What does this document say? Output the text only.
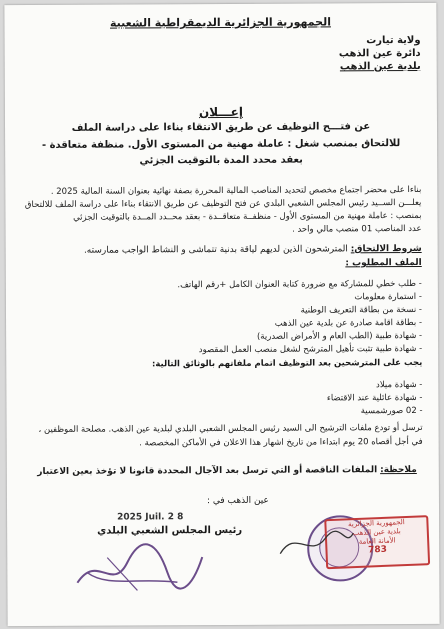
الجمهورية الجزائرية الديمقراطية الشعبية
ولاية تيارت
دائرة عين الذهب
بلدية عين الذهب
إعـــلان
عن فتـــح التوظيف عن طريق الانتقاء بناءا على دراسة الملف
للالتحاق بمنصب شغل : عاملة مهنية من المستوى الأول. منظفة متعاقدة -
بعقد محدد المدة بالتوقيت الجزئي
بناءا على محضر اجتماع مخصص لتحديد المناصب المالية المحررة بصفة نهائية بعنوان السنة المالية 2025 .
يعلـــن الســيد رئيس المجلس الشعبي البلدي عن فتح التوظيف عن طريق الانتقاء بناءا على دراسة الملف للالتحاق
بمنصب : عاملة مهنية من المستوى الأول - منظفــة متعاقــدة - بعقد محــدد المــدة بالتوقيت الجزئي
عدد المناصب 01 منصب مالي واحد .
شروط الالتحاق: المترشحون الذين لديهم لياقة بدنية تتماشى و النشاط الواجب ممارسته.
الملف المطلوب :
- طلب خطي للمشاركة مع ضرورة كتابة العنوان الكامل +رقم الهاتف.
- استمارة معلومات
- نسخة من بطاقة التعريف الوطنية
- بطاقة اقامة صادرة عن بلدية عين الذهب
- شهادة طبية (الطب العام و الأمراض الصدرية)
- شهادة طبية تثبت تأهيل المترشح لشغل منصب العمل المقصود
يجب على المترشحين بعد التوظيف اتمام ملفاتهم بالوثائق التالية:
- شهادة ميلاد
- شهادة عائلية عند الاقتضاء
- 02 صورشمسية
ترسل أو تودع ملفات الترشيح الى السيد رئيس المجلس الشعبي البلدي لبلدية عين الذهب. مصلحة الموظفين ،
في أجل أقصاه 20 يوم ابتداءا من تاريخ اشهار هذا الاعلان في الأماكن المخصصة .
ملاحظة: الملفات الناقصة أو التي ترسل بعد الآجال المحددة قانونا لا تؤخذ بعين الاعتبار
عين الذهب في :
2025 Juil. 2 8
رئيس المجلس الشعبي البلدي
الجمهورية الجزائرية
بلدية عين الذهب
الأمانة العامة
783
